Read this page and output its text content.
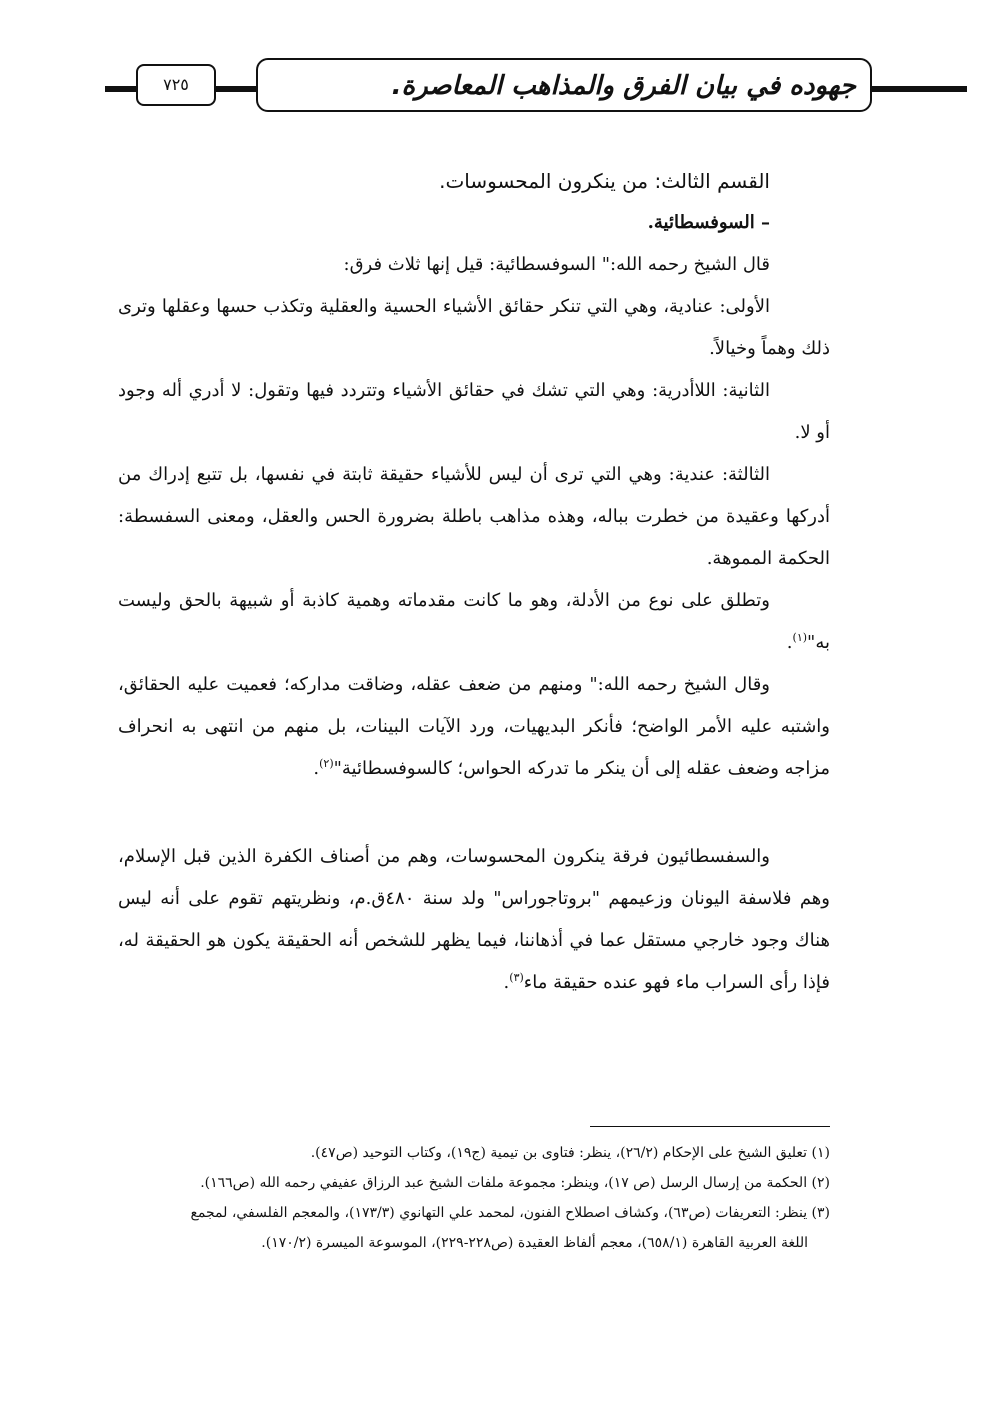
جهوده في بيان الفرق والمذاهب المعاصرة.
٧٢٥

القسم الثالث: من ينكرون المحسوسات.

– السوفسطائية.

قال الشيخ رحمه الله:" السوفسطائية: قيل إنها ثلاث فرق:

الأولى: عنادية، وهي التي تنكر حقائق الأشياء الحسية والعقلية وتكذب حسها وعقلها وترى ذلك وهماً وخيالاً.

الثانية: اللاأدرية: وهي التي تشك في حقائق الأشياء وتتردد فيها وتقول: لا أدري أله وجود أو لا.

الثالثة: عندية: وهي التي ترى أن ليس للأشياء حقيقة ثابتة في نفسها، بل تتبع إدراك من أدركها وعقيدة من خطرت بباله، وهذه مذاهب باطلة بضرورة الحس والعقل، ومعنى السفسطة: الحكمة المموهة.

وتطلق على نوع من الأدلة، وهو ما كانت مقدماته وهمية كاذبة أو شبيهة بالحق وليست به"$^{(١)}$.

وقال الشيخ رحمه الله:" ومنهم من ضعف عقله، وضاقت مداركه؛ فعميت عليه الحقائق، واشتبه عليه الأمر الواضح؛ فأنكر البديهيات، ورد الآيات البينات، بل منهم من انتهى به انحراف مزاجه وضعف عقله إلى أن ينكر ما تدركه الحواس؛ كالسوفسطائية"$^{(٢)}$.

والسفسطائيون فرقة ينكرون المحسوسات، وهم من أصناف الكفرة الذين قبل الإسلام، وهم فلاسفة اليونان وزعيمهم "بروتاجوراس" ولد سنة ٤٨٠ق.م، ونظريتهم تقوم على أنه ليس هناك وجود خارجي مستقل عما في أذهاننا، فيما يظهر للشخص أنه الحقيقة يكون هو الحقيقة له، فإذا رأى السراب ماء فهو عنده حقيقة ماء$^{(٣)}$.

(١) تعليق الشيخ على الإحكام (٢٦/٢)، ينظر: فتاوى بن تيمية (ج١٩)، وكتاب التوحيد (ص٤٧).

(٢) الحكمة من إرسال الرسل (ص ١٧)، وينظر: مجموعة ملفات الشيخ عبد الرزاق عفيفي رحمه الله (ص١٦٦).

(٣) ينظر: التعريفات (ص٦٣)، وكشاف اصطلاح الفنون، لمحمد علي التهانوي (١٧٣/٣)، والمعجم الفلسفي، لمجمع

اللغة العربية القاهرة (٦٥٨/١)، معجم ألفاظ العقيدة (ص٢٢٨-٢٢٩)، الموسوعة الميسرة (١٧٠/٢).
